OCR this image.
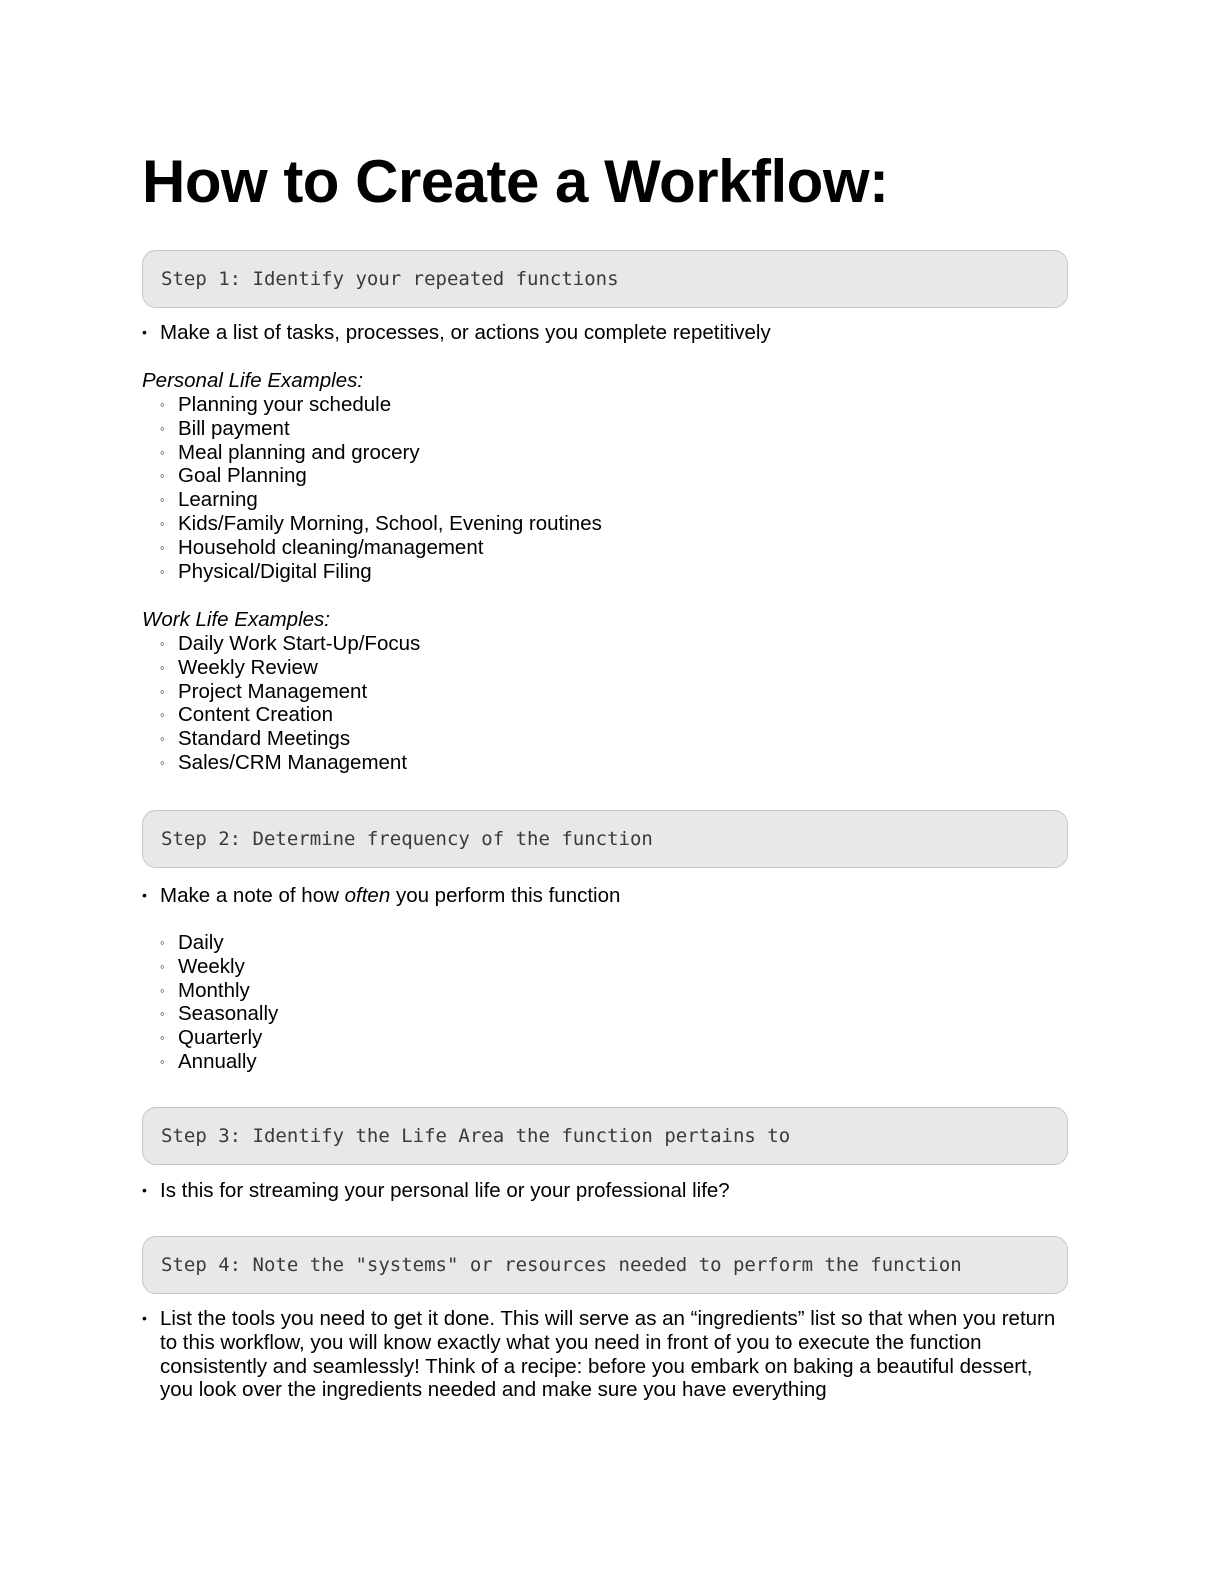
How to Create a Workflow:
Step 1: Identify your repeated functions
• Make a list of tasks, processes, or actions you complete repetitively
Personal Life Examples:
◦ Planning your schedule
◦ Bill payment
◦ Meal planning and grocery
◦ Goal Planning
◦ Learning
◦ Kids/Family Morning, School, Evening routines
◦ Household cleaning/management
◦ Physical/Digital Filing
Work Life Examples:
◦ Daily Work Start-Up/Focus
◦ Weekly Review
◦ Project Management
◦ Content Creation
◦ Standard Meetings
◦ Sales/CRM Management
Step 2: Determine frequency of the function
• Make a note of how often you perform this function
◦ Daily
◦ Weekly
◦ Monthly
◦ Seasonally
◦ Quarterly
◦ Annually
Step 3: Identify the Life Area the function pertains to
• Is this for streaming your personal life or your professional life?
Step 4: Note the "systems" or resources needed to perform the function
• List the tools you need to get it done. This will serve as an “ingredients” list so that when you return to this workflow, you will know exactly what you need in front of you to execute the function consistently and seamlessly! Think of a recipe: before you embark on baking a beautiful dessert, you look over the ingredients needed and make sure you have everything
